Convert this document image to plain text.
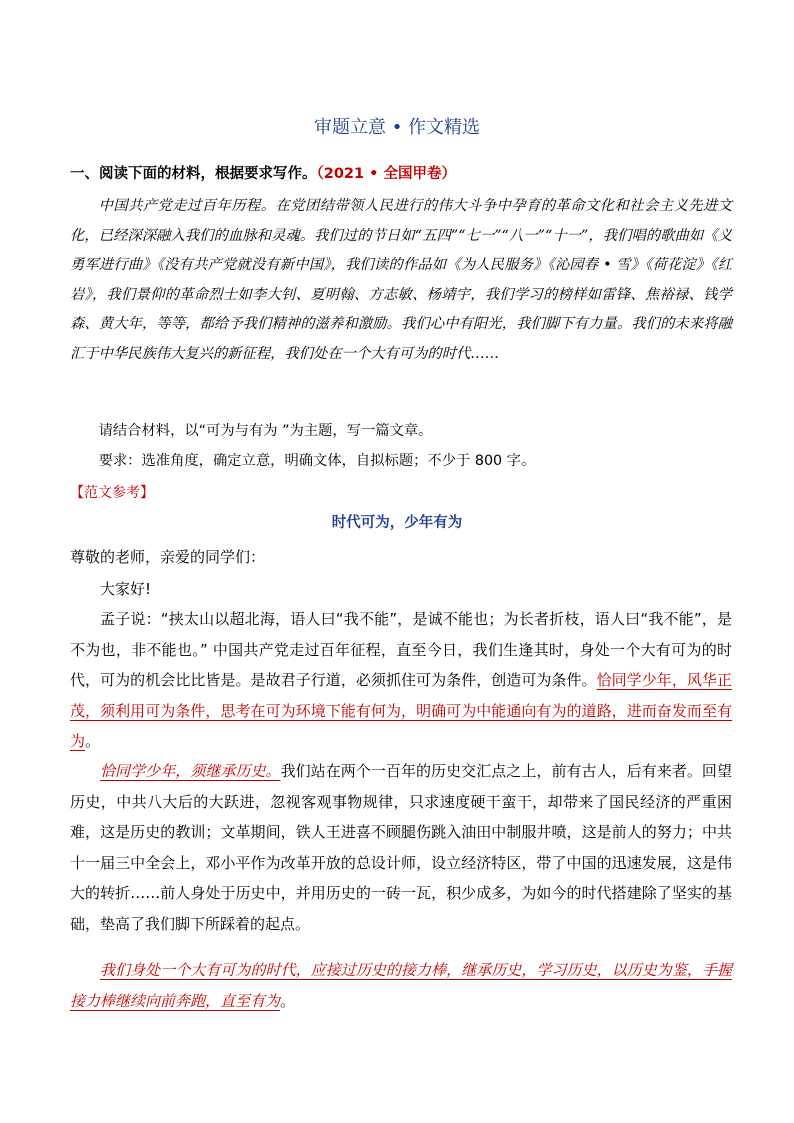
审题立意 • 作文精选
一、阅读下面的材料，根据要求写作。（2021 • 全国甲卷）

中国共产党走过百年历程。在党团结带领人民进行的伟大斗争中孕育的革命文化和社会主义先进文化，已经深深融入我们的血脉和灵魂。我们过的节日如“五四”“七一”“八一”“十一”，我们唱的歌曲如《义勇军进行曲》《没有共产党就没有新中国》，我们读的作品如《为人民服务》《沁园春 • 雪》《荷花淀》《红岩》，我们景仰的革命烈士如李大钊、夏明翰、方志敏、杨靖宇，我们学习的榜样如雷锋、焦裕禄、钱学森、黄大年，等等，都给予我们精神的滋养和激励。我们心中有阳光，我们脚下有力量。我们的未来将融汇于中华民族伟大复兴的新征程，我们处在一个大有可为的时代……

请结合材料，以“可为与有为 ”为主题，写一篇文章。

要求：选准角度，确定立意，明确文体，自拟标题；不少于 800 字。

【范文参考】
时代可为，少年有为

尊敬的老师，亲爱的同学们：

大家好!

孟子说：“挟太山以超北海，语人曰“我不能”，是诚不能也；为长者折枝，语人曰“我不能”，是不为也，非不能也。” 中国共产党走过百年征程，直至今日，我们生逢其时，身处一个大有可为的时代，可为的机会比比皆是。是故君子行道，必须抓住可为条件，创造可为条件。恰同学少年，风华正茂，须利用可为条件，思考在可为环境下能有何为，明确可为中能通向有为的道路，进而奋发而至有为。

恰同学少年，须继承历史。我们站在两个一百年的历史交汇点之上，前有古人，后有来者。回望历史，中共八大后的大跃进，忽视客观事物规律，只求速度硬干蛮干，却带来了国民经济的严重困难，这是历史的教训；文革期间，铁人王进喜不顾腿伤跳入油田中制服井喷，这是前人的努力；中共十一届三中全会上，邓小平作为改革开放的总设计师，设立经济特区，带了中国的迅速发展，这是伟大的转折……前人身处于历史中，并用历史的一砖一瓦，积少成多，为如今的时代搭建除了坚实的基础，垫高了我们脚下所踩着的起点。

我们身处一个大有可为的时代，应接过历史的接力棒，继承历史，学习历史，以历史为鉴，手握接力棒继续向前奔跑，直至有为。
